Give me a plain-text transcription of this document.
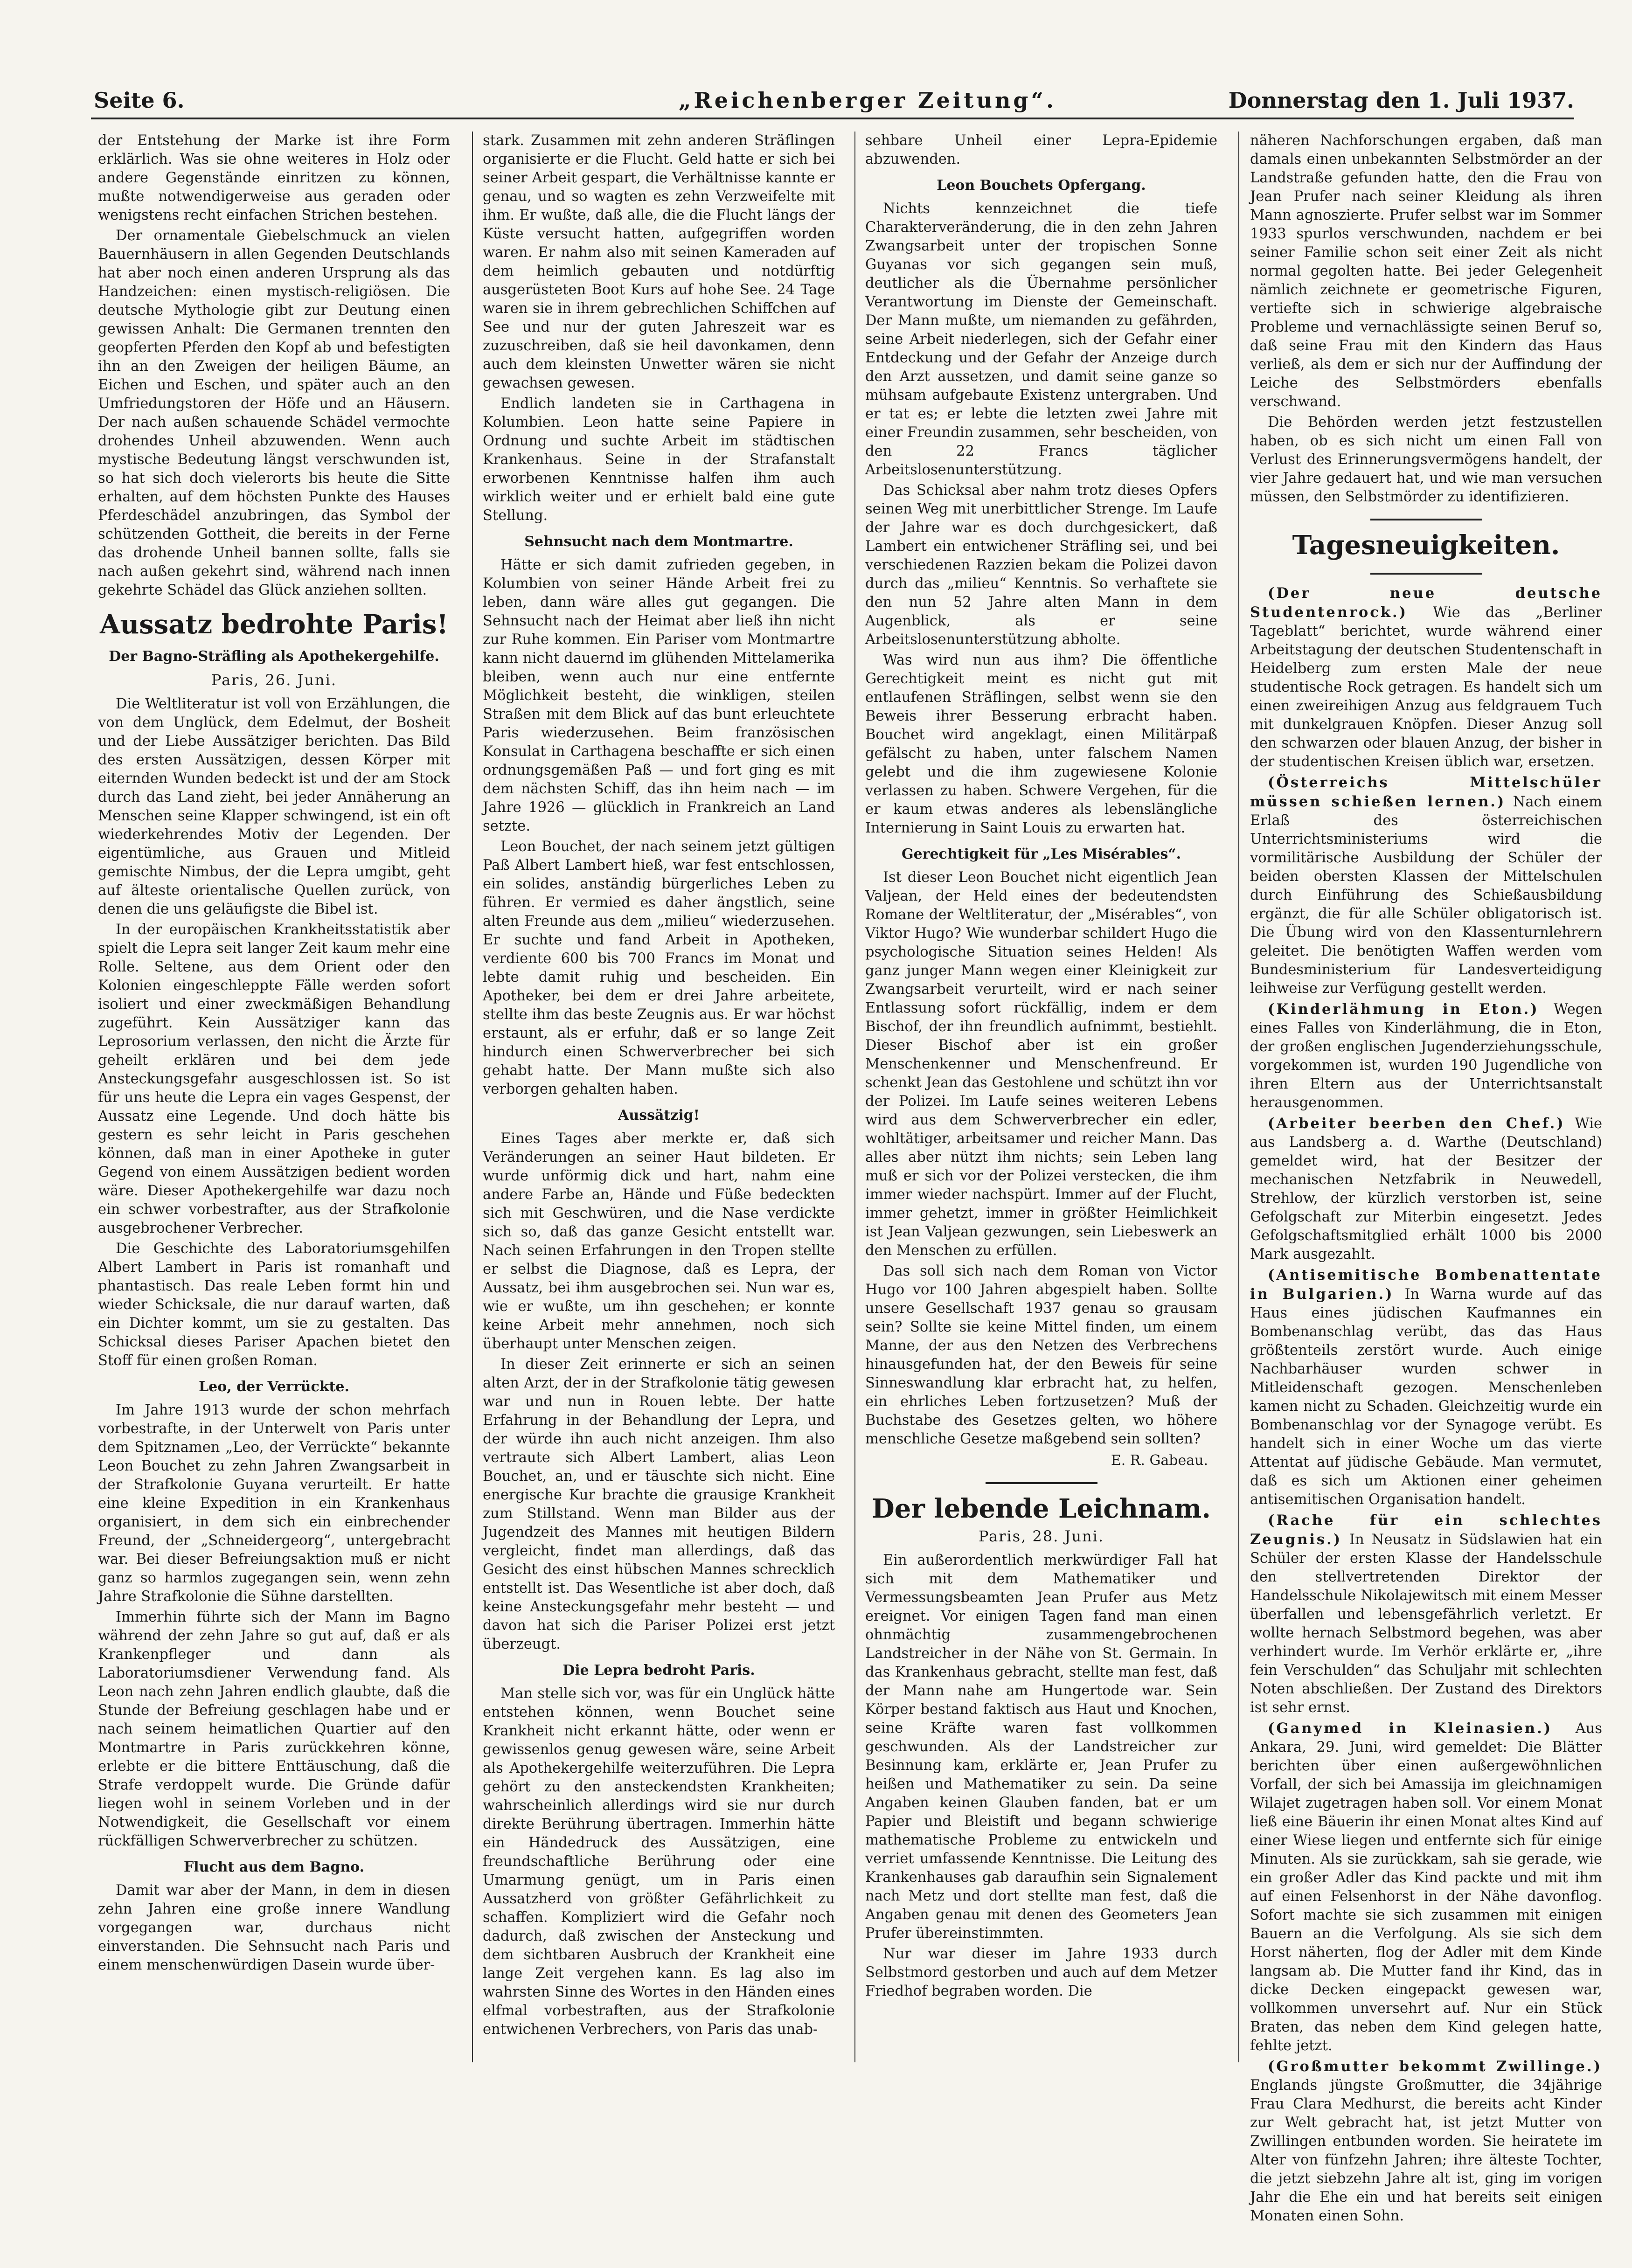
Seite 6.	„Reichenberger Zeitung“.	Donnerstag den 1. Juli 1937.

der Entstehung der Marke ist ihre Form erklärlich. Was sie ohne weiteres in Holz oder andere Gegenstände einritzen zu können, mußte notwendigerweise aus geraden oder wenigstens recht einfachen Strichen bestehen.

Der ornamentale Giebelschmuck an vielen Bauernhäusern in allen Gegenden Deutschlands hat aber noch einen anderen Ursprung als das Handzeichen: einen mystisch-religiösen. Die deutsche Mythologie gibt zur Deutung einen gewissen Anhalt: Die Germanen trennten den geopferten Pferden den Kopf ab und befestigten ihn an den Zweigen der heiligen Bäume, an Eichen und Eschen, und später auch an den Umfriedungstoren der Höfe und an Häusern. Der nach außen schauende Schädel vermochte drohendes Unheil abzuwenden. Wenn auch mystische Bedeutung längst verschwunden ist, so hat sich doch vielerorts bis heute die Sitte erhalten, auf dem höchsten Punkte des Hauses Pferdeschädel anzubringen, das Symbol der schützenden Gottheit, die bereits in der Ferne das drohende Unheil bannen sollte, falls sie nach außen gekehrt sind, während nach innen gekehrte Schädel das Glück anziehen sollten.

Aussatz bedrohte Paris!
Der Bagno-Sträfling als Apothekergehilfe.
Paris, 26. Juni.

Die Weltliteratur ist voll von Erzählungen, die von dem Unglück, dem Edelmut, der Bosheit und der Liebe Aussätziger berichten. Das Bild des ersten Aussätzigen, dessen Körper mit eiternden Wunden bedeckt ist und der am Stock durch das Land zieht, bei jeder Annäherung an Menschen seine Klapper schwingend, ist ein oft wiederkehrendes Motiv der Legenden. Der eigentümliche, aus Grauen und Mitleid gemischte Nimbus, der die Lepra umgibt, geht auf älteste orientalische Quellen zurück, von denen die uns geläufigste die Bibel ist.

In der europäischen Krankheitsstatistik aber spielt die Lepra seit langer Zeit kaum mehr eine Rolle. Seltene, aus dem Orient oder den Kolonien eingeschleppte Fälle werden sofort isoliert und einer zweckmäßigen Behandlung zugeführt. Kein Aussätziger kann das Leprosorium verlassen, den nicht die Ärzte für geheilt erklären und bei dem jede Ansteckungsgefahr ausgeschlossen ist. So ist für uns heute die Lepra ein vages Gespenst, der Aussatz eine Legende. Und doch hätte bis gestern es sehr leicht in Paris geschehen können, daß man in einer Apotheke in guter Gegend von einem Aussätzigen bedient worden wäre. Dieser Apothekergehilfe war dazu noch ein schwer vorbestrafter, aus der Strafkolonie ausgebrochener Verbrecher.

Die Geschichte des Laboratoriumsgehilfen Albert Lambert in Paris ist romanhaft und phantastisch. Das reale Leben formt hin und wieder Schicksale, die nur darauf warten, daß ein Dichter kommt, um sie zu gestalten. Das Schicksal dieses Pariser Apachen bietet den Stoff für einen großen Roman.

Leo, der Verrückte.

Im Jahre 1913 wurde der schon mehrfach vorbestrafte, in der Unterwelt von Paris unter dem Spitznamen „Leo, der Verrückte“ bekannte Leon Bouchet zu zehn Jahren Zwangsarbeit in der Strafkolonie Guyana verurteilt. Er hatte eine kleine Expedition in ein Krankenhaus organisiert, in dem sich ein einbrechender Freund, der „Schneidergeorg“, untergebracht war. Bei dieser Befreiungsaktion muß er nicht ganz so harmlos zugegangen sein, wenn zehn Jahre Strafkolonie die Sühne darstellten.

Immerhin führte sich der Mann im Bagno während der zehn Jahre so gut auf, daß er als Krankenpfleger und dann als Laboratoriumsdiener Verwendung fand. Als Leon nach zehn Jahren endlich glaubte, daß die Stunde der Befreiung geschlagen habe und er nach seinem heimatlichen Quartier auf den Montmartre in Paris zurückkehren könne, erlebte er die bittere Enttäuschung, daß die Strafe verdoppelt wurde. Die Gründe dafür liegen wohl in seinem Vorleben und in der Notwendigkeit, die Gesellschaft vor einem rückfälligen Schwerverbrecher zu schützen.

Flucht aus dem Bagno.

Damit war aber der Mann, in dem in diesen zehn Jahren eine große innere Wandlung vorgegangen war, durchaus nicht einverstanden. Die Sehnsucht nach Paris und einem menschenwürdigen Dasein wurde über-

stark. Zusammen mit zehn anderen Sträflingen organisierte er die Flucht. Geld hatte er sich bei seiner Arbeit gespart, die Verhältnisse kannte er genau, und so wagten es zehn Verzweifelte mit ihm. Er wußte, daß alle, die die Flucht längs der Küste versucht hatten, aufgegriffen worden waren. Er nahm also mit seinen Kameraden auf dem heimlich gebauten und notdürftig ausgerüsteten Boot Kurs auf hohe See. 24 Tage waren sie in ihrem gebrechlichen Schiffchen auf See und nur der guten Jahreszeit war es zuzuschreiben, daß sie heil davonkamen, denn auch dem kleinsten Unwetter wären sie nicht gewachsen gewesen.

Endlich landeten sie in Carthagena in Kolumbien. Leon hatte seine Papiere in Ordnung und suchte Arbeit im städtischen Krankenhaus. Seine in der Strafanstalt erworbenen Kenntnisse halfen ihm auch wirklich weiter und er erhielt bald eine gute Stellung.

Sehnsucht nach dem Montmartre.

Hätte er sich damit zufrieden gegeben, in Kolumbien von seiner Hände Arbeit frei zu leben, dann wäre alles gut gegangen. Die Sehnsucht nach der Heimat aber ließ ihn nicht zur Ruhe kommen. Ein Pariser vom Montmartre kann nicht dauernd im glühenden Mittelamerika bleiben, wenn auch nur eine entfernte Möglichkeit besteht, die winkligen, steilen Straßen mit dem Blick auf das bunt erleuchtete Paris wiederzusehen. Beim französischen Konsulat in Carthagena beschaffte er sich einen ordnungsgemäßen Paß — und fort ging es mit dem nächsten Schiff, das ihn heim nach — im Jahre 1926 — glücklich in Frankreich an Land setzte.

Leon Bouchet, der nach seinem jetzt gültigen Paß Albert Lambert hieß, war fest entschlossen, ein solides, anständig bürgerliches Leben zu führen. Er vermied es daher ängstlich, seine alten Freunde aus dem „milieu“ wiederzusehen. Er suchte und fand Arbeit in Apotheken, verdiente 600 bis 700 Francs im Monat und lebte damit ruhig und bescheiden. Ein Apotheker, bei dem er drei Jahre arbeitete, stellte ihm das beste Zeugnis aus. Er war höchst erstaunt, als er erfuhr, daß er so lange Zeit hindurch einen Schwerverbrecher bei sich gehabt hatte. Der Mann mußte sich also verborgen gehalten haben.

Aussätzig!

Eines Tages aber merkte er, daß sich Veränderungen an seiner Haut bildeten. Er wurde unförmig dick und hart, nahm eine andere Farbe an, Hände und Füße bedeckten sich mit Geschwüren, und die Nase verdickte sich so, daß das ganze Gesicht entstellt war. Nach seinen Erfahrungen in den Tropen stellte er selbst die Diagnose, daß es Lepra, der Aussatz, bei ihm ausgebrochen sei. Nun war es, wie er wußte, um ihn geschehen; er konnte keine Arbeit mehr annehmen, noch sich überhaupt unter Menschen zeigen.

In dieser Zeit erinnerte er sich an seinen alten Arzt, der in der Strafkolonie tätig gewesen war und nun in Rouen lebte. Der hatte Erfahrung in der Behandlung der Lepra, und der würde ihn auch nicht anzeigen. Ihm also vertraute sich Albert Lambert, alias Leon Bouchet, an, und er täuschte sich nicht. Eine energische Kur brachte die grausige Krankheit zum Stillstand. Wenn man Bilder aus der Jugendzeit des Mannes mit heutigen Bildern vergleicht, findet man allerdings, daß das Gesicht des einst hübschen Mannes schrecklich entstellt ist. Das Wesentliche ist aber doch, daß keine Ansteckungsgefahr mehr besteht — und davon hat sich die Pariser Polizei erst jetzt überzeugt.

Die Lepra bedroht Paris.

Man stelle sich vor, was für ein Unglück hätte entstehen können, wenn Bouchet seine Krankheit nicht erkannt hätte, oder wenn er gewissenlos genug gewesen wäre, seine Arbeit als Apothekergehilfe weiterzuführen. Die Lepra gehört zu den ansteckendsten Krankheiten; wahrscheinlich allerdings wird sie nur durch direkte Berührung übertragen. Immerhin hätte ein Händedruck des Aussätzigen, eine freundschaftliche Berührung oder eine Umarmung genügt, um in Paris einen Aussatzherd von größter Gefährlichkeit zu schaffen. Kompliziert wird die Gefahr noch dadurch, daß zwischen der Ansteckung und dem sichtbaren Ausbruch der Krankheit eine lange Zeit vergehen kann. Es lag also im wahrsten Sinne des Wortes in den Händen eines elfmal vorbestraften, aus der Strafkolonie entwichenen Verbrechers, von Paris das unab-

sehbare Unheil einer Lepra-Epidemie abzuwenden.

Leon Bouchets Opfergang.

Nichts kennzeichnet die tiefe Charakterveränderung, die in den zehn Jahren Zwangsarbeit unter der tropischen Sonne Guyanas vor sich gegangen sein muß, deutlicher als die Übernahme persönlicher Verantwortung im Dienste der Gemeinschaft. Der Mann mußte, um niemanden zu gefährden, seine Arbeit niederlegen, sich der Gefahr einer Entdeckung und der Gefahr der Anzeige durch den Arzt aussetzen, und damit seine ganze so mühsam aufgebaute Existenz untergraben. Und er tat es; er lebte die letzten zwei Jahre mit einer Freundin zusammen, sehr bescheiden, von den 22 Francs täglicher Arbeitslosenunterstützung.

Das Schicksal aber nahm trotz dieses Opfers seinen Weg mit unerbittlicher Strenge. Im Laufe der Jahre war es doch durchgesickert, daß Lambert ein entwichener Sträfling sei, und bei verschiedenen Razzien bekam die Polizei davon durch das „milieu“ Kenntnis. So verhaftete sie den nun 52 Jahre alten Mann in dem Augenblick, als er seine Arbeitslosenunterstützung abholte.

Was wird nun aus ihm? Die öffentliche Gerechtigkeit meint es nicht gut mit entlaufenen Sträflingen, selbst wenn sie den Beweis ihrer Besserung erbracht haben. Bouchet wird angeklagt, einen Militärpaß gefälscht zu haben, unter falschem Namen gelebt und die ihm zugewiesene Kolonie verlassen zu haben. Schwere Vergehen, für die er kaum etwas anderes als lebenslängliche Internierung in Saint Louis zu erwarten hat.

Gerechtigkeit für „Les Misérables“.

Ist dieser Leon Bouchet nicht eigentlich Jean Valjean, der Held eines der bedeutendsten Romane der Weltliteratur, der „Misérables“, von Viktor Hugo? Wie wunderbar schildert Hugo die psychologische Situation seines Helden! Als ganz junger Mann wegen einer Kleinigkeit zur Zwangsarbeit verurteilt, wird er nach seiner Entlassung sofort rückfällig, indem er dem Bischof, der ihn freundlich aufnimmt, bestiehlt. Dieser Bischof aber ist ein großer Menschenkenner und Menschenfreund. Er schenkt Jean das Gestohlene und schützt ihn vor der Polizei. Im Laufe seines weiteren Lebens wird aus dem Schwerverbrecher ein edler, wohltätiger, arbeitsamer und reicher Mann. Das alles aber nützt ihm nichts; sein Leben lang muß er sich vor der Polizei verstecken, die ihm immer wieder nachspürt. Immer auf der Flucht, immer gehetzt, immer in größter Heimlichkeit ist Jean Valjean gezwungen, sein Liebeswerk an den Menschen zu erfüllen.

Das soll sich nach dem Roman von Victor Hugo vor 100 Jahren abgespielt haben. Sollte unsere Gesellschaft 1937 genau so grausam sein? Sollte sie keine Mittel finden, um einem Manne, der aus den Netzen des Verbrechens hinausgefunden hat, der den Beweis für seine Sinneswandlung klar erbracht hat, zu helfen, ein ehrliches Leben fortzusetzen? Muß der Buchstabe des Gesetzes gelten, wo höhere menschliche Gesetze maßgebend sein sollten?

E. R. Gabeau.
Der lebende Leichnam.
Paris, 28. Juni.

Ein außerordentlich merkwürdiger Fall hat sich mit dem Mathematiker und Vermessungsbeamten Jean Prufer aus Metz ereignet. Vor einigen Tagen fand man einen ohnmächtig zusammengebrochenen Landstreicher in der Nähe von St. Germain. In das Krankenhaus gebracht, stellte man fest, daß der Mann nahe am Hungertode war. Sein Körper bestand faktisch aus Haut und Knochen, seine Kräfte waren fast vollkommen geschwunden. Als der Landstreicher zur Besinnung kam, erklärte er, Jean Prufer zu heißen und Mathematiker zu sein. Da seine Angaben keinen Glauben fanden, bat er um Papier und Bleistift und begann schwierige mathematische Probleme zu entwickeln und verriet umfassende Kenntnisse. Die Leitung des Krankenhauses gab daraufhin sein Signalement nach Metz und dort stellte man fest, daß die Angaben genau mit denen des Geometers Jean Prufer übereinstimmten.

Nur war dieser im Jahre 1933 durch Selbstmord gestorben und auch auf dem Metzer Friedhof begraben worden. Die

näheren Nachforschungen ergaben, daß man damals einen unbekannten Selbstmörder an der Landstraße gefunden hatte, den die Frau von Jean Prufer nach seiner Kleidung als ihren Mann agnoszierte. Prufer selbst war im Sommer 1933 spurlos verschwunden, nachdem er bei seiner Familie schon seit einer Zeit als nicht normal gegolten hatte. Bei jeder Gelegenheit nämlich zeichnete er geometrische Figuren, vertiefte sich in schwierige algebraische Probleme und vernachlässigte seinen Beruf so, daß seine Frau mit den Kindern das Haus verließ, als dem er sich nur der Auffindung der Leiche des Selbstmörders ebenfalls verschwand.

Die Behörden werden jetzt festzustellen haben, ob es sich nicht um einen Fall von Verlust des Erinnerungsvermögens handelt, der vier Jahre gedauert hat, und wie man versuchen müssen, den Selbstmörder zu identifizieren.

Tagesneuigkeiten.

(Der neue deutsche Studentenrock.) Wie das „Berliner Tageblatt“ berichtet, wurde während einer Arbeitstagung der deutschen Studentenschaft in Heidelberg zum ersten Male der neue studentische Rock getragen. Es handelt sich um einen zweireihigen Anzug aus feldgrauem Tuch mit dunkelgrauen Knöpfen. Dieser Anzug soll den schwarzen oder blauen Anzug, der bisher in der studentischen Kreisen üblich war, ersetzen.

(Österreichs Mittelschüler müssen schießen lernen.) Nach einem Erlaß des österreichischen Unterrichtsministeriums wird die vormilitärische Ausbildung der Schüler der beiden obersten Klassen der Mittelschulen durch Einführung des Schießausbildung ergänzt, die für alle Schüler obligatorisch ist. Die Übung wird von den Klassenturnlehrern geleitet. Die benötigten Waffen werden vom Bundesministerium für Landesverteidigung leihweise zur Verfügung gestellt werden.

(Kinderlähmung in Eton.) Wegen eines Falles von Kinderlähmung, die in Eton, der großen englischen Jugenderziehungsschule, vorgekommen ist, wurden 190 Jugendliche von ihren Eltern aus der Unterrichtsanstalt herausgenommen.

(Arbeiter beerben den Chef.) Wie aus Landsberg a. d. Warthe (Deutschland) gemeldet wird, hat der Besitzer der mechanischen Netzfabrik in Neuwedell, Strehlow, der kürzlich verstorben ist, seine Gefolgschaft zur Miterbin eingesetzt. Jedes Gefolgschaftsmitglied erhält 1000 bis 2000 Mark ausgezahlt.

(Antisemitische Bombenattentate in Bulgarien.) In Warna wurde auf das Haus eines jüdischen Kaufmannes ein Bombenanschlag verübt, das das Haus größtenteils zerstört wurde. Auch einige Nachbarhäuser wurden schwer in Mitleidenschaft gezogen. Menschenleben kamen nicht zu Schaden. Gleichzeitig wurde ein Bombenanschlag vor der Synagoge verübt. Es handelt sich in einer Woche um das vierte Attentat auf jüdische Gebäude. Man vermutet, daß es sich um Aktionen einer geheimen antisemitischen Organisation handelt.

(Rache für ein schlechtes Zeugnis.) In Neusatz in Südslawien hat ein Schüler der ersten Klasse der Handelsschule den stellvertretenden Direktor der Handelsschule Nikolajewitsch mit einem Messer überfallen und lebensgefährlich verletzt. Er wollte hernach Selbstmord begehen, was aber verhindert wurde. Im Verhör erklärte er, „ihre fein Verschulden“ das Schuljahr mit schlechten Noten abschließen. Der Zustand des Direktors ist sehr ernst.

(Ganymed in Kleinasien.) Aus Ankara, 29. Juni, wird gemeldet: Die Blätter berichten über einen außergewöhnlichen Vorfall, der sich bei Amassija im gleichnamigen Wilajet zugetragen haben soll. Vor einem Monat ließ eine Bäuerin ihr einen Monat altes Kind auf einer Wiese liegen und entfernte sich für einige Minuten. Als sie zurückkam, sah sie gerade, wie ein großer Adler das Kind packte und mit ihm auf einen Felsenhorst in der Nähe davonflog. Sofort machte sie sich zusammen mit einigen Bauern an die Verfolgung. Als sie sich dem Horst näherten, flog der Adler mit dem Kinde langsam ab. Die Mutter fand ihr Kind, das in dicke Decken eingepackt gewesen war, vollkommen unversehrt auf. Nur ein Stück Braten, das neben dem Kind gelegen hatte, fehlte jetzt.

(Großmutter bekommt Zwillinge.) Englands jüngste Großmutter, die 34jährige Frau Clara Medhurst, die bereits acht Kinder zur Welt gebracht hat, ist jetzt Mutter von Zwillingen entbunden worden. Sie heiratete im Alter von fünfzehn Jahren; ihre älteste Tochter, die jetzt siebzehn Jahre alt ist, ging im vorigen Jahr die Ehe ein und hat bereits seit einigen Monaten einen Sohn.
